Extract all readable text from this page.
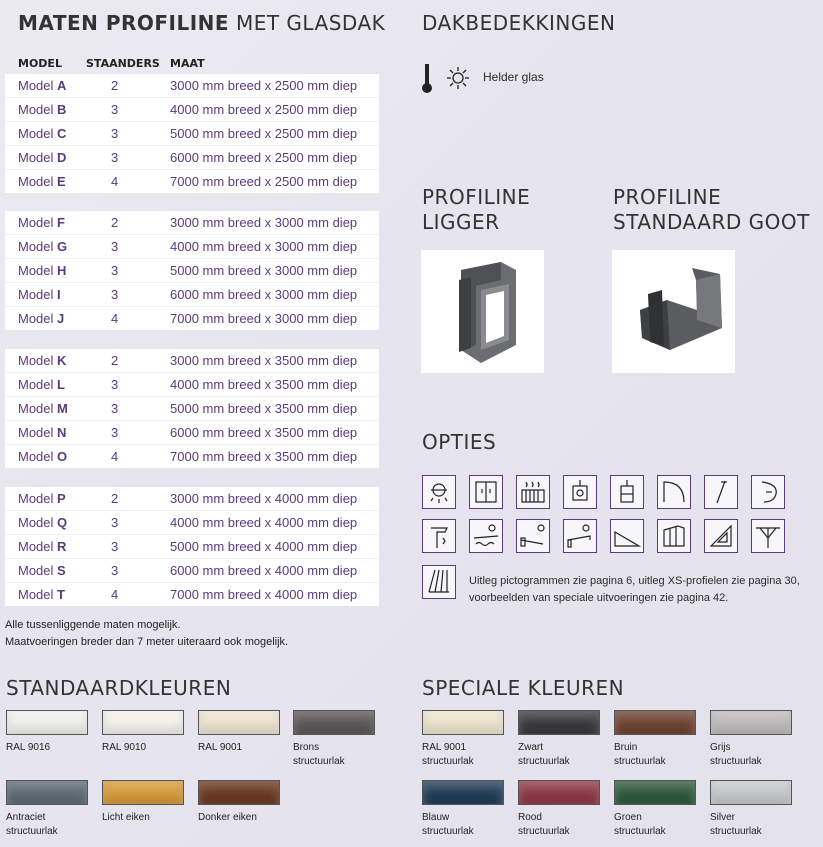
MATEN PROFILINE MET GLASDAK
MODEL STAANDERS MAAT
Model A	2	3000 mm breed x 2500 mm diep
Model B	3	4000 mm breed x 2500 mm diep
Model C	3	5000 mm breed x 2500 mm diep
Model D	3	6000 mm breed x 2500 mm diep
Model E	4	7000 mm breed x 2500 mm diep
Model F	2	3000 mm breed x 3000 mm diep
Model G	3	4000 mm breed x 3000 mm diep
Model H	3	5000 mm breed x 3000 mm diep
Model I	3	6000 mm breed x 3000 mm diep
Model J	4	7000 mm breed x 3000 mm diep
Model K	2	3000 mm breed x 3500 mm diep
Model L	3	4000 mm breed x 3500 mm diep
Model M	3	5000 mm breed x 3500 mm diep
Model N	3	6000 mm breed x 3500 mm diep
Model O	4	7000 mm breed x 3500 mm diep
Model P	2	3000 mm breed x 4000 mm diep
Model Q	3	4000 mm breed x 4000 mm diep
Model R	3	5000 mm breed x 4000 mm diep
Model S	3	6000 mm breed x 4000 mm diep
Model T	4	7000 mm breed x 4000 mm diep
Alle tussenliggende maten mogelijk.
Maatvoeringen breder dan 7 meter uiteraard ook mogelijk.
DAKBEDEKKINGEN
Helder glas
PROFILINE
LIGGER
PROFILINE
STANDAARD GOOT
OPTIES
Uitleg pictogrammen zie pagina 6, uitleg XS-profielen zie pagina 30,
voorbeelden van speciale uitvoeringen zie pagina 42.
STANDAARDKLEUREN
RAL 9016	RAL 9010	RAL 9001	Brons
structuurlak
Antraciet
structuurlak
Licht eiken	Donker eiken
SPECIALE KLEUREN
RAL 9001
structuurlak
Zwart
structuurlak
Bruin
structuurlak
Grijs
structuurlak
Blauw
structuurlak
Rood
structuurlak
Groen
structuurlak
Silver
structuurlak
